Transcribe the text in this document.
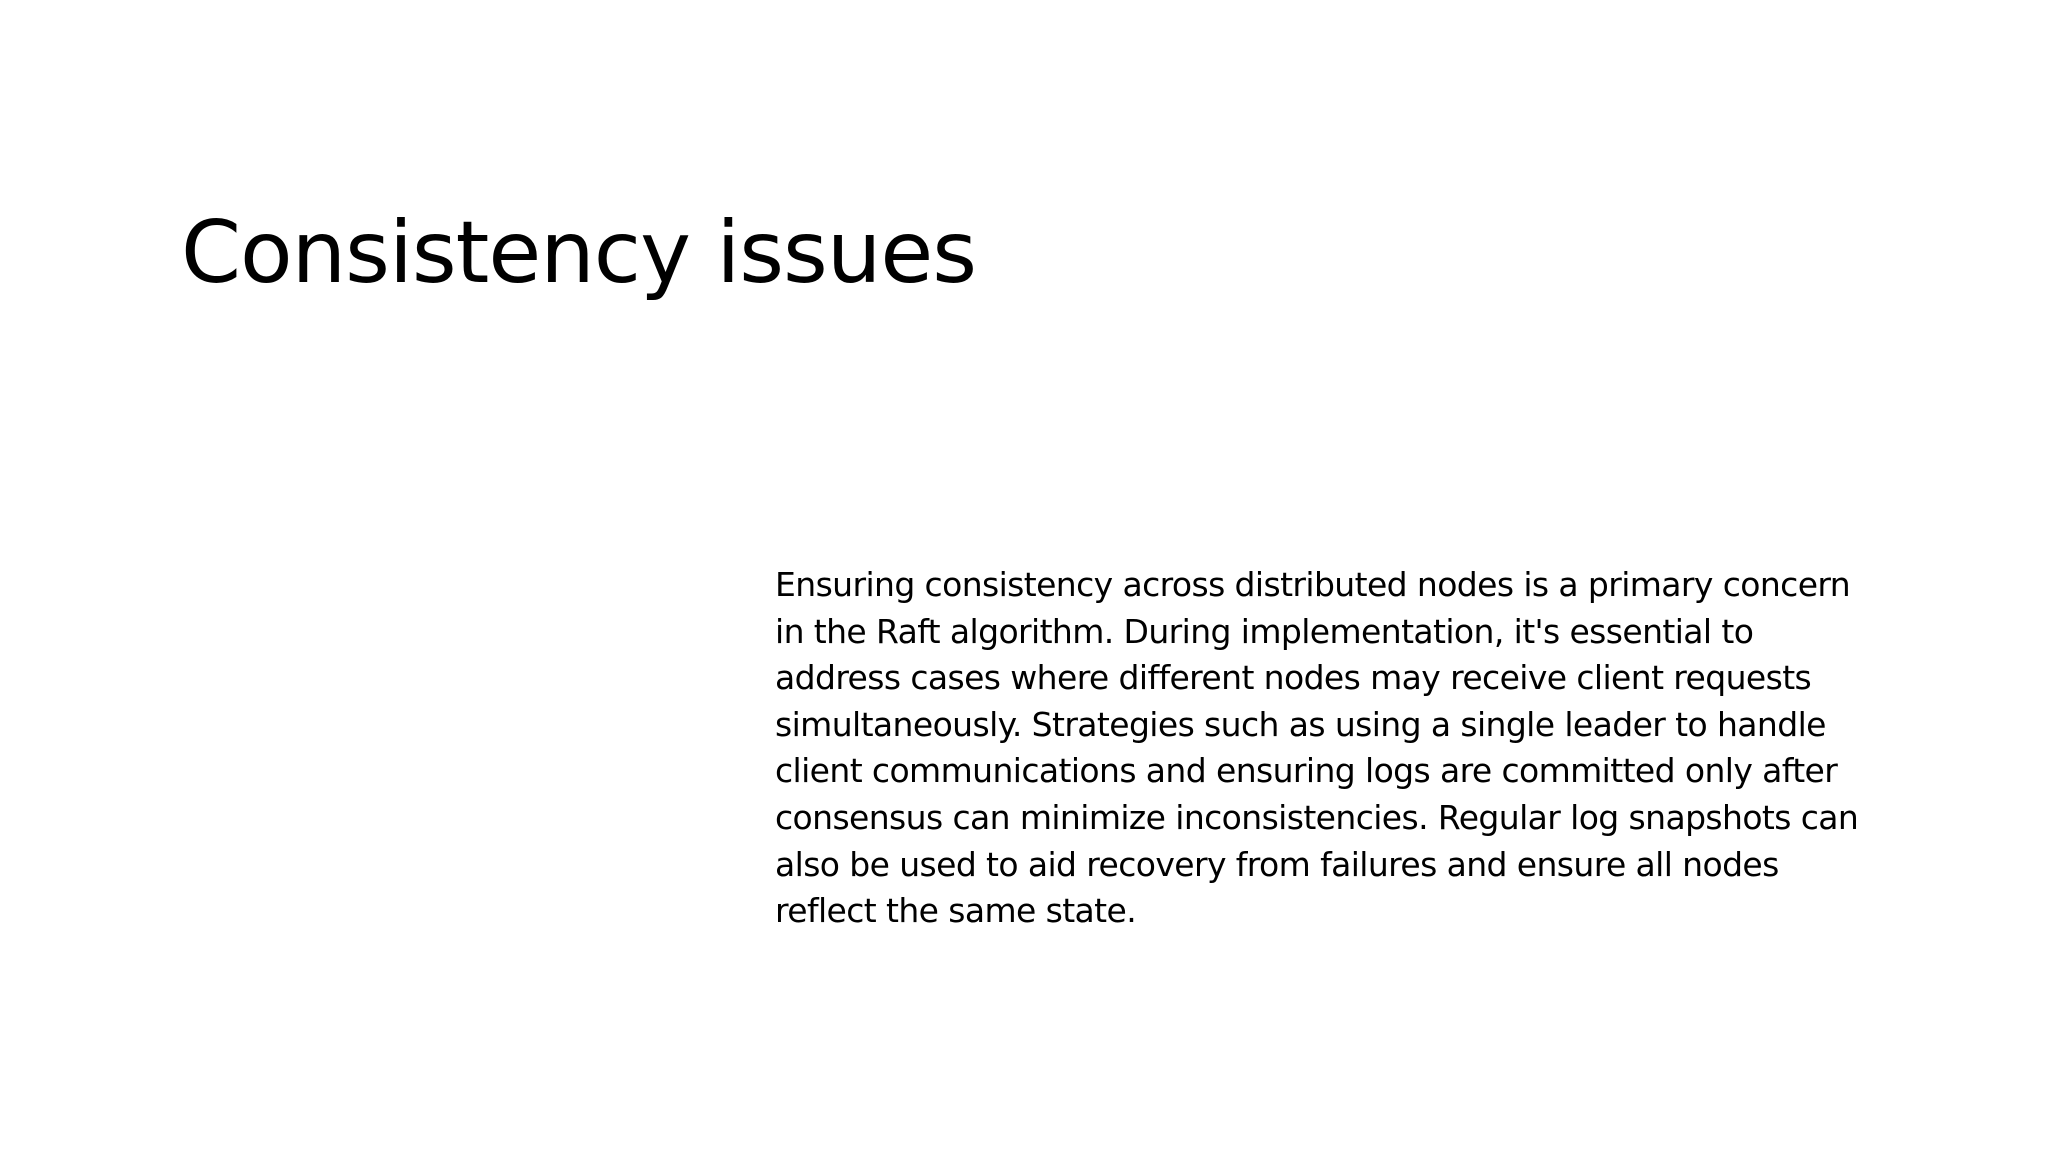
Consistency issues
Ensuring consistency across distributed nodes is a primary concern
in the Raft algorithm. During implementation, it's essential to
address cases where different nodes may receive client requests
simultaneously. Strategies such as using a single leader to handle
client communications and ensuring logs are committed only after
consensus can minimize inconsistencies. Regular log snapshots can
also be used to aid recovery from failures and ensure all nodes
reflect the same state.
